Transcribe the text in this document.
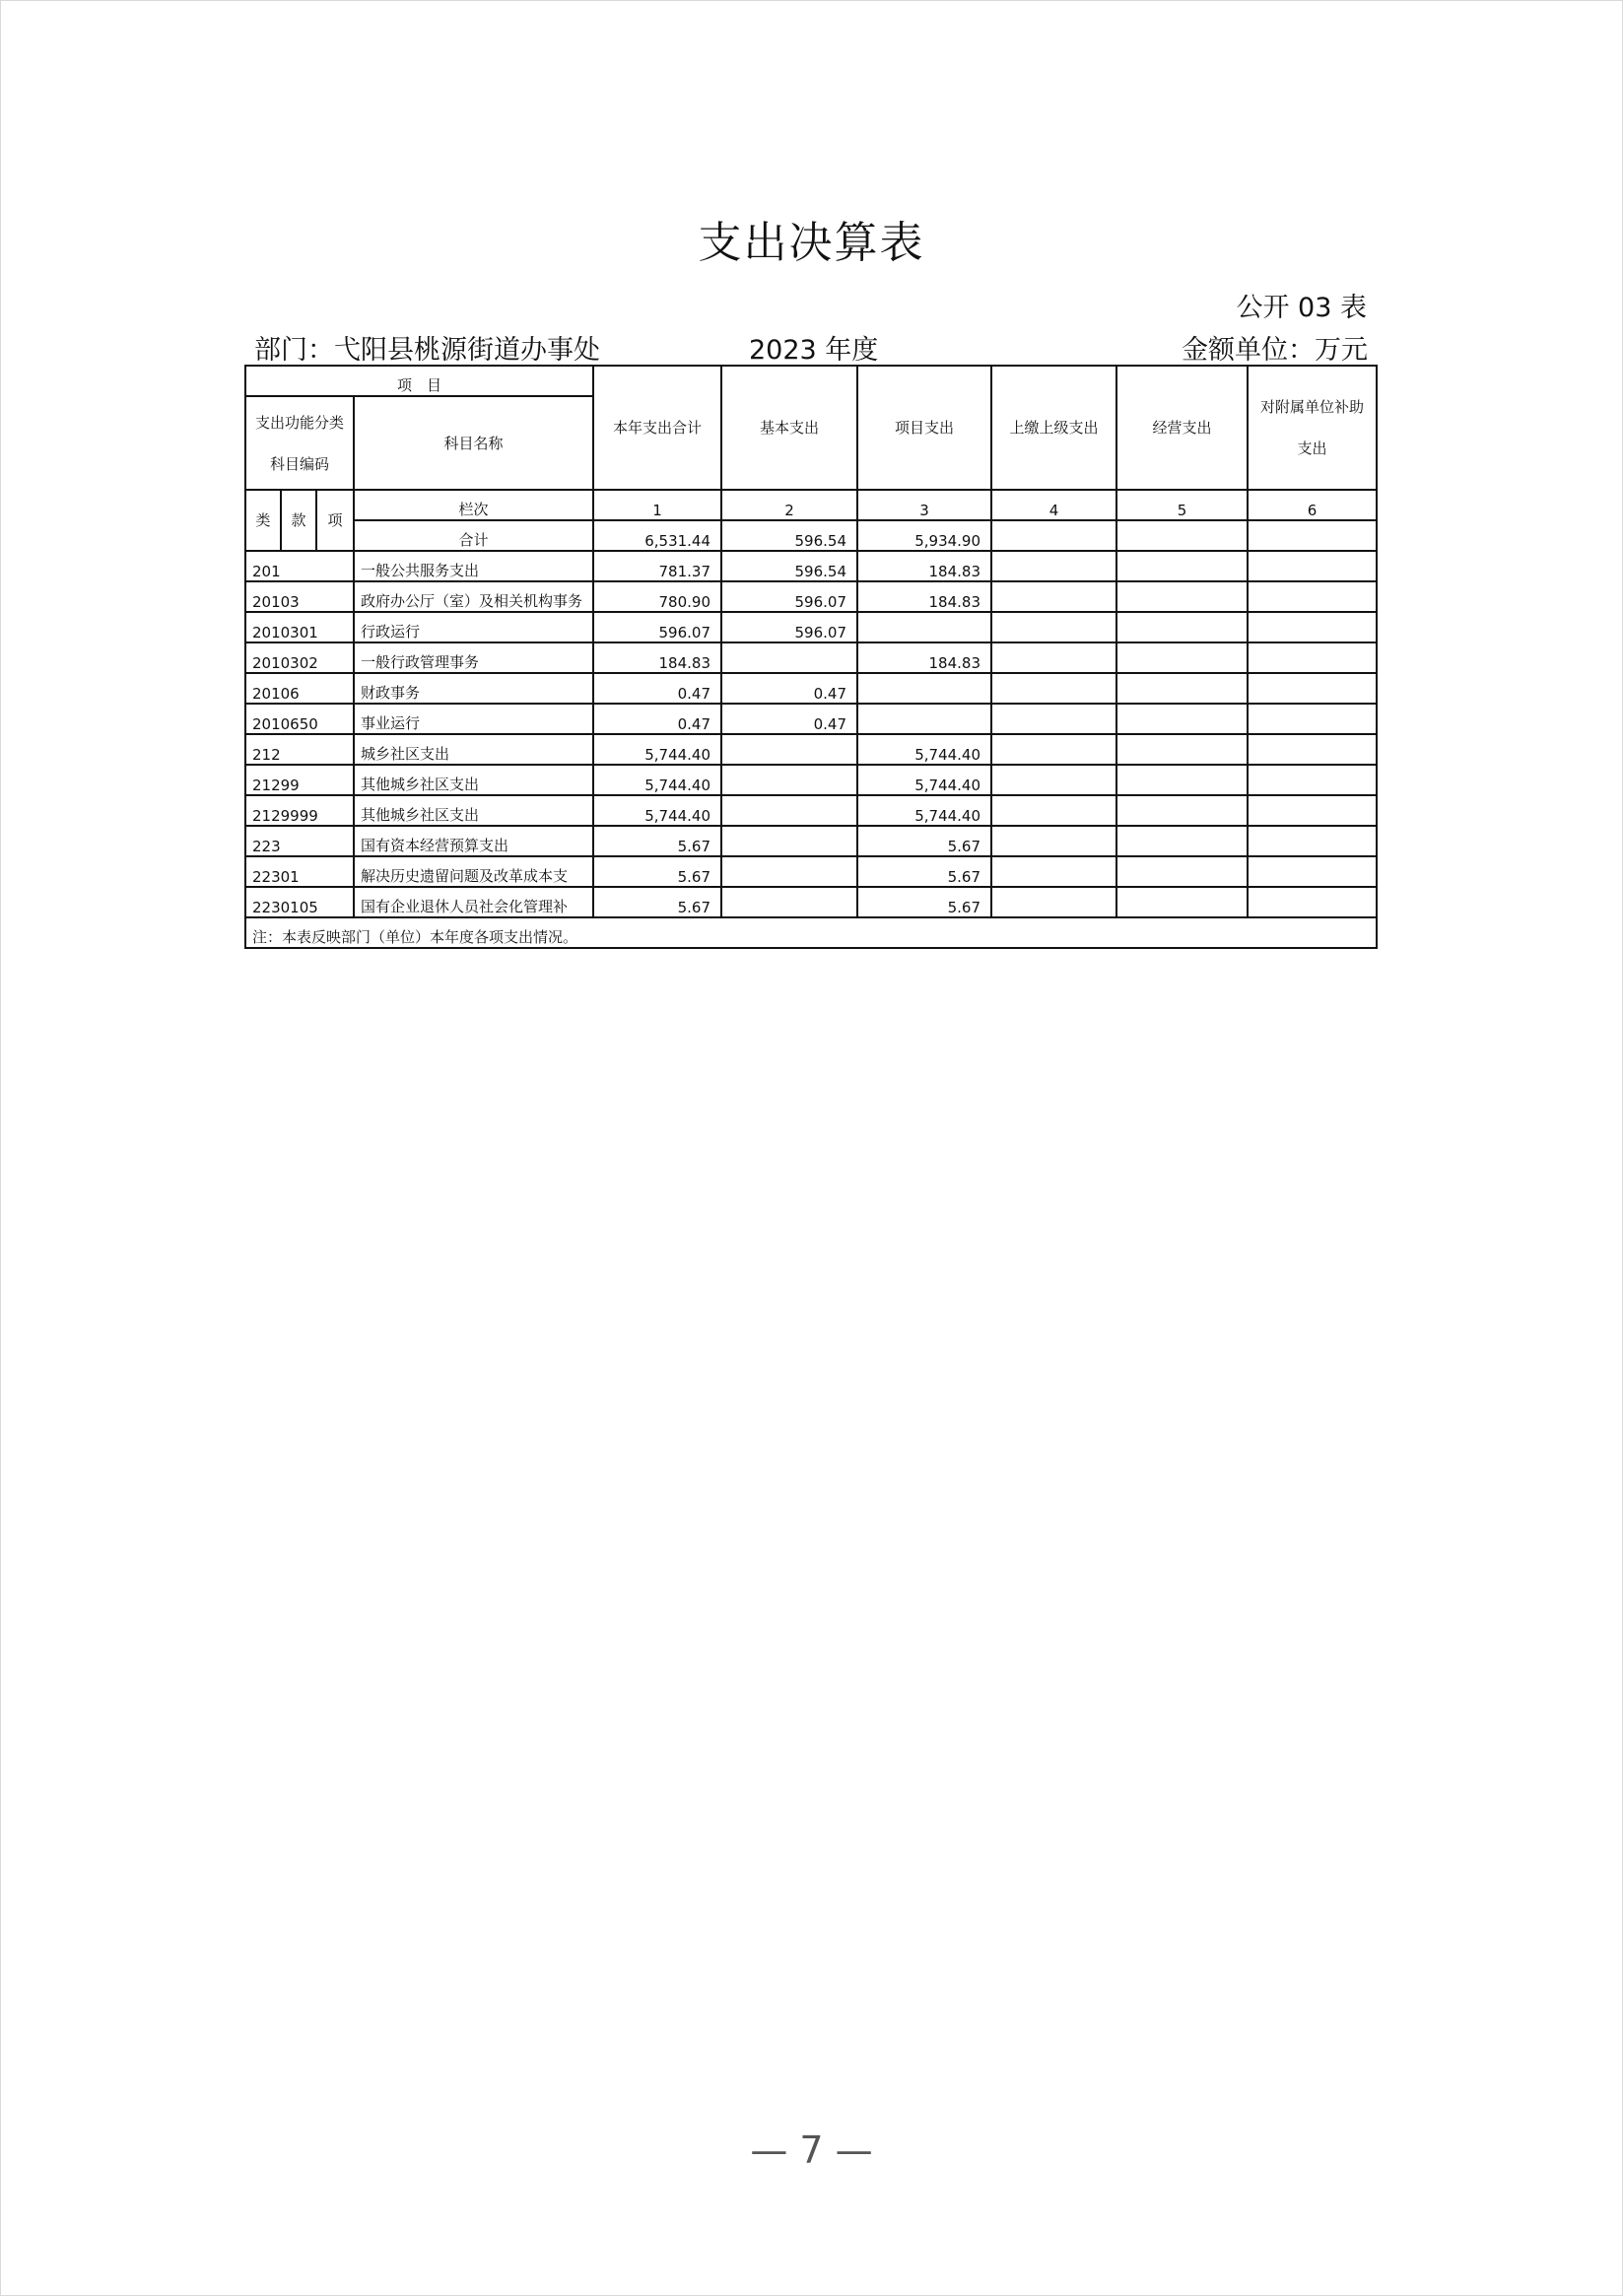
支出决算表
公开 03 表
部门：弋阳县桃源街道办事处	2023 年度	金额单位：万元
项　目				本年支出合计	基本支出	项目支出	上缴上级支出	经营支出	对附属单位补助支出
支出功能分类科目编码			科目名称						
类	款	项	栏次	1	2	3	4	5	6
			合计	6,531.44	596.54	5,934.90			
201			一般公共服务支出	781.37	596.54	184.83			
20103			政府办公厅（室）及相关机构事务	780.90	596.07	184.83			
2010301			行政运行	596.07	596.07				
2010302			一般行政管理事务	184.83		184.83			
20106			财政事务	0.47	0.47				
2010650			事业运行	0.47	0.47				
212			城乡社区支出	5,744.40		5,744.40			
21299			其他城乡社区支出	5,744.40		5,744.40			
2129999			其他城乡社区支出	5,744.40		5,744.40			
223			国有资本经营预算支出	5.67		5.67			
22301			解决历史遗留问题及改革成本支	5.67		5.67			
2230105			国有企业退休人员社会化管理补	5.67		5.67			
注：本表反映部门（单位）本年度各项支出情况。									
— 7 —
